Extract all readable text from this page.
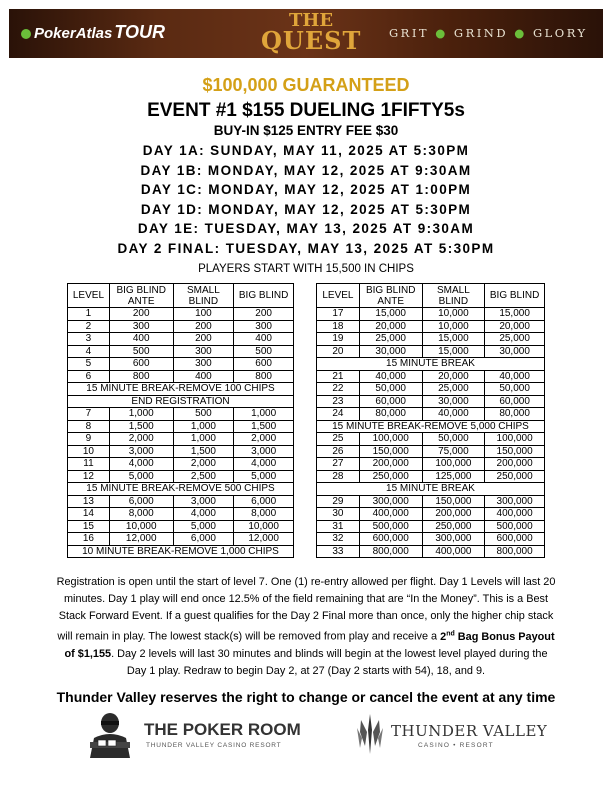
PokerAtlas TOUR
THE
QUEST GRIT ● GRIND ● GLORY
$100,000 GUARANTEED
EVENT #1 $155 DUELING 1FIFTY5s
BUY-IN $125 ENTRY FEE $30
DAY 1A: SUNDAY, MAY 11, 2025 AT 5:30PM
DAY 1B: MONDAY, MAY 12, 2025 AT 9:30AM
DAY 1C: MONDAY, MAY 12, 2025 AT 1:00PM
DAY 1D: MONDAY, MAY 12, 2025 AT 5:30PM
DAY 1E: TUESDAY, MAY 13, 2025 AT 9:30AM
DAY 2 FINAL: TUESDAY, MAY 13, 2025 AT 5:30PM
PLAYERS START WITH 15,500 IN CHIPS
LEVEL	BIG BLIND ANTE	SMALL BLIND	BIG BLIND
1	200	100	200
2	300	200	300
3	400	200	400
4	500	300	500
5	600	300	600
6	800	400	800
15 MINUTE BREAK-REMOVE 100 CHIPS			
END REGISTRATION			
7	1,000	500	1,000
8	1,500	1,000	1,500
9	2,000	1,000	2,000
10	3,000	1,500	3,000
11	4,000	2,000	4,000
12	5,000	2,500	5,000
15 MINUTE BREAK-REMOVE 500 CHIPS			
13	6,000	3,000	6,000
14	8,000	4,000	8,000
15	10,000	5,000	10,000
16	12,000	6,000	12,000
10 MINUTE BREAK-REMOVE 1,000 CHIPS			
LEVEL	BIG BLIND ANTE	SMALL BLIND	BIG BLIND
17	15,000	10,000	15,000
18	20,000	10,000	20,000
19	25,000	15,000	25,000
20	30,000	15,000	30,000
15 MINUTE BREAK			
21	40,000	20,000	40,000
22	50,000	25,000	50,000
23	60,000	30,000	60,000
24	80,000	40,000	80,000
15 MINUTE BREAK-REMOVE 5,000 CHIPS			
25	100,000	50,000	100,000
26	150,000	75,000	150,000
27	200,000	100,000	200,000
28	250,000	125,000	250,000
15 MINUTE BREAK			
29	300,000	150,000	300,000
30	400,000	200,000	400,000
31	500,000	250,000	500,000
32	600,000	300,000	600,000
33	800,000	400,000	800,000
Registration is open until the start of level 7. One (1) re-entry allowed per flight. Day 1 Levels will last 20 minutes. Day 1 play will end once 12.5% of the field remaining that are “In the Money”. This is a Best Stack Forward Event. If a guest qualifies for the Day 2 Final more than once, only the higher chip stack will remain in play. The lowest stack(s) will be removed from play and receive a 2nd Bag Bonus Payout of $1,155. Day 2 levels will last 30 minutes and blinds will begin at the lowest level played during the Day 1 play. Redraw to begin Day 2, at 27 (Day 2 starts with 54), 18, and 9.
Thunder Valley reserves the right to change or cancel the event at any time
THE POKER ROOM
THUNDER VALLEY CASINO RESORT
THUNDER VALLEY
CASINO • RESORT
